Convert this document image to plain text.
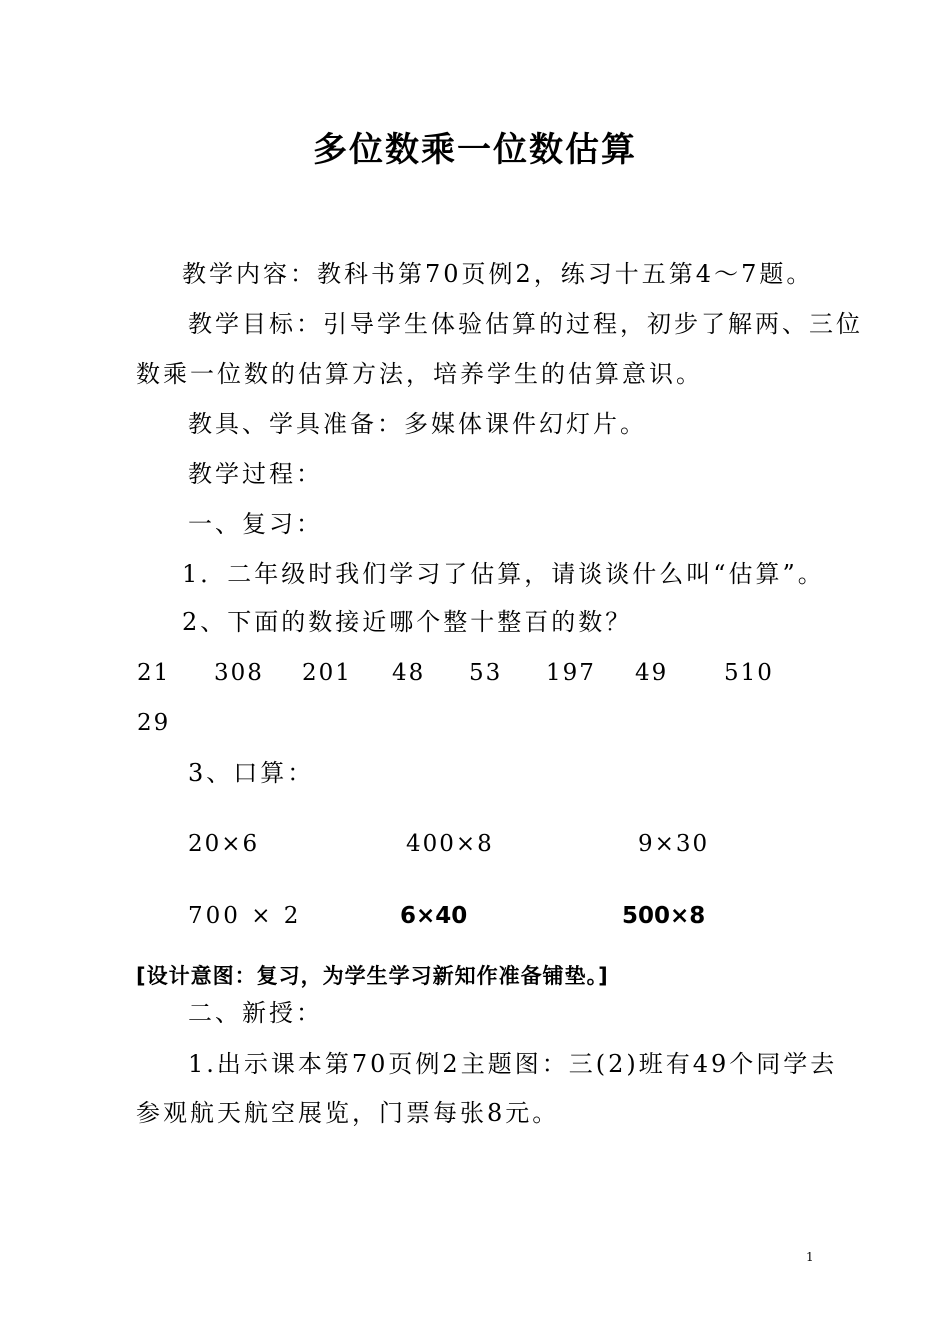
多位数乘一位数估算
教学内容：教科书第70页例2，练习十五第4～7题。
教学目标：引导学生体验估算的过程，初步了解两、三位
数乘一位数的估算方法，培养学生的估算意识。
教具、学具准备：多媒体课件幻灯片。
教学过程：
一、复习：
1．二年级时我们学习了估算，请谈谈什么叫“估算”。
2、下面的数接近哪个整十整百的数？
21 308 201 48 53 197 49 510
29
3、口算：
20×6	400×8	9×30
700 × 2	6×40	500×8
[设计意图：复习，为学生学习新知作准备铺垫。]
二、新授：
1.出示课本第70页例2主题图：三(2)班有49个同学去
参观航天航空展览，门票每张8元。
1
